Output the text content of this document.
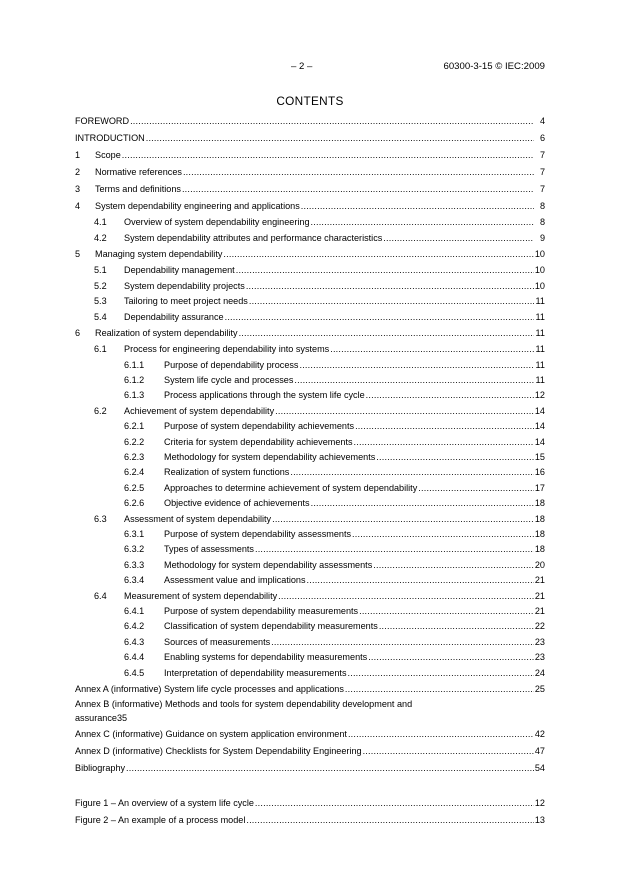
– 2 –	60300-3-15 © IEC:2009
CONTENTS
FOREWORD .....	4
INTRODUCTION .....	6
1	Scope .....	7
2	Normative references .....	7
3	Terms and definitions .....	7
4	System dependability engineering and applications .....	8
4.1	Overview of system dependability engineering .....	8
4.2	System dependability attributes and performance characteristics .....	9
5	Managing system dependability .....	10
5.1	Dependability management .....	10
5.2	System dependability projects .....	10
5.3	Tailoring to meet project needs .....	11
5.4	Dependability assurance .....	11
6	Realization of system dependability .....	11
6.1	Process for engineering dependability into systems .....	11
6.1.1	Purpose of dependability process .....	11
6.1.2	System life cycle and processes .....	11
6.1.3	Process applications through the system life cycle .....	12
6.2	Achievement of system dependability .....	14
6.2.1	Purpose of system dependability achievements .....	14
6.2.2	Criteria for system dependability achievements .....	14
6.2.3	Methodology for system dependability achievements .....	15
6.2.4	Realization of system functions .....	16
6.2.5	Approaches to determine achievement of system dependability .....	17
6.2.6	Objective evidence of achievements .....	18
6.3	Assessment of system dependability .....	18
6.3.1	Purpose of system dependability assessments .....	18
6.3.2	Types of assessments .....	18
6.3.3	Methodology for system dependability assessments .....	20
6.3.4	Assessment value and implications .....	21
6.4	Measurement of system dependability .....	21
6.4.1	Purpose of system dependability measurements .....	21
6.4.2	Classification of system dependability measurements .....	22
6.4.3	Sources of measurements .....	23
6.4.4	Enabling systems for dependability measurements .....	23
6.4.5	Interpretation of dependability measurements .....	24
Annex A (informative) System life cycle processes and applications .....	25
Annex B (informative) Methods and tools for system dependability development and
assurance 35
Annex C (informative) Guidance on system application environment .....	42
Annex D (informative) Checklists for System Dependability Engineering .....	47
Bibliography .....	54
Figure 1 – An overview of a system life cycle .....	12
Figure 2 – An example of a process model .....	13
